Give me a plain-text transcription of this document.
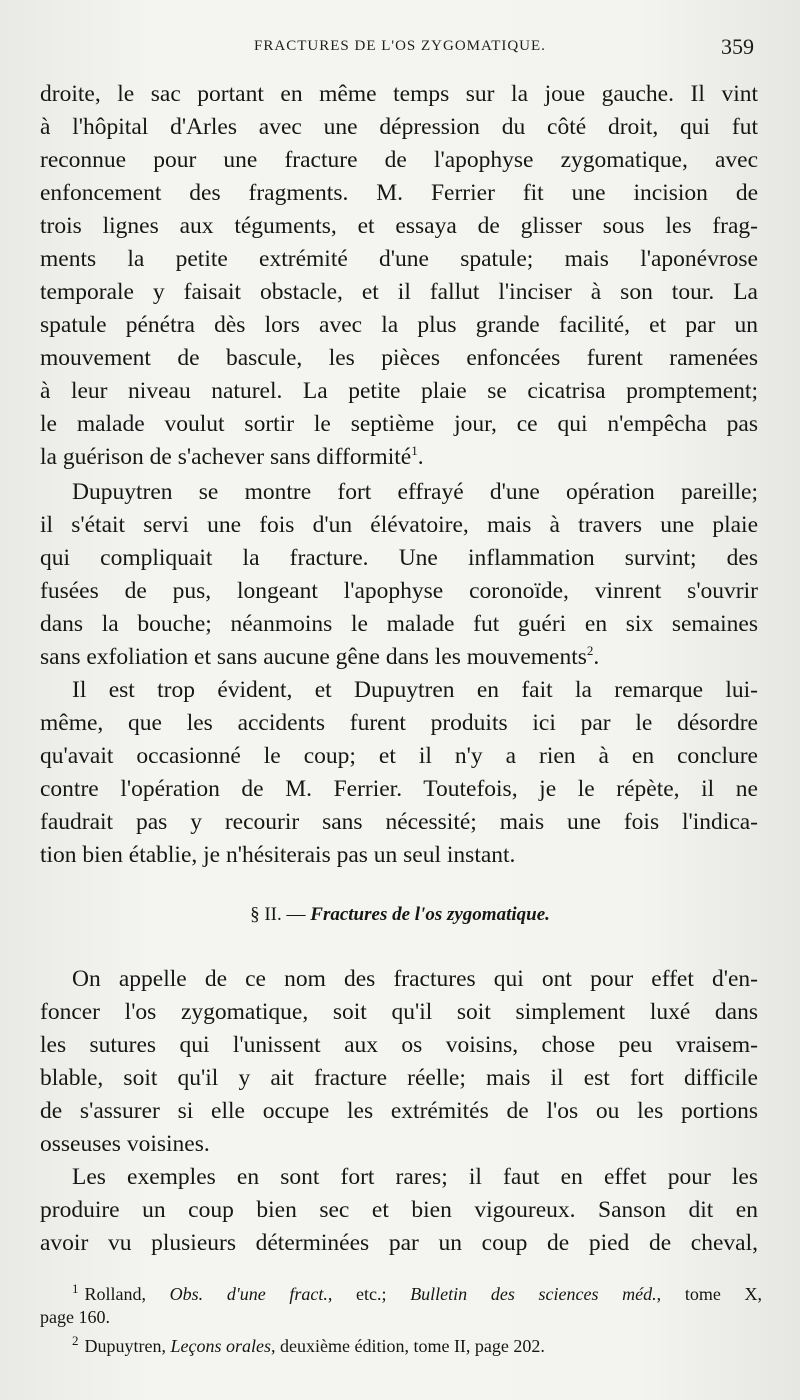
FRACTURES DE L'OS ZYGOMATIQUE.	359
droite, le sac portant en même temps sur la joue gauche. Il vint
à l'hôpital d'Arles avec une dépression du côté droit, qui fut
reconnue pour une fracture de l'apophyse zygomatique, avec
enfoncement des fragments. M. Ferrier fit une incision de
trois lignes aux téguments, et essaya de glisser sous les frag-
ments la petite extrémité d'une spatule; mais l'aponévrose
temporale y faisait obstacle, et il fallut l'inciser à son tour. La
spatule pénétra dès lors avec la plus grande facilité, et par un
mouvement de bascule, les pièces enfoncées furent ramenées
à leur niveau naturel. La petite plaie se cicatrisa promptement;
le malade voulut sortir le septième jour, ce qui n'empêcha pas
la guérison de s'achever sans difformité$^1$.
Dupuytren se montre fort effrayé d'une opération pareille;
il s'était servi une fois d'un élévatoire, mais à travers une plaie
qui compliquait la fracture. Une inflammation survint; des
fusées de pus, longeant l'apophyse coronoïde, vinrent s'ouvrir
dans la bouche; néanmoins le malade fut guéri en six semaines
sans exfoliation et sans aucune gêne dans les mouvements$^2$.
Il est trop évident, et Dupuytren en fait la remarque lui-
même, que les accidents furent produits ici par le désordre
qu'avait occasionné le coup; et il n'y a rien à en conclure
contre l'opération de M. Ferrier. Toutefois, je le répète, il ne
faudrait pas y recourir sans nécessité; mais une fois l'indica-
tion bien établie, je n'hésiterais pas un seul instant.
§ II. — Fractures de l'os zygomatique.
On appelle de ce nom des fractures qui ont pour effet d'en-
foncer l'os zygomatique, soit qu'il soit simplement luxé dans
les sutures qui l'unissent aux os voisins, chose peu vraisem-
blable, soit qu'il y ait fracture réelle; mais il est fort difficile
de s'assurer si elle occupe les extrémités de l'os ou les portions
osseuses voisines.
Les exemples en sont fort rares; il faut en effet pour les
produire un coup bien sec et bien vigoureux. Sanson dit en
avoir vu plusieurs déterminées par un coup de pied de cheval,
$^1$ Rolland, Obs. d'une fract., etc.; Bulletin des sciences méd., tome X,
page 160.
$^2$ Dupuytren, Leçons orales, deuxième édition, tome II, page 202.
